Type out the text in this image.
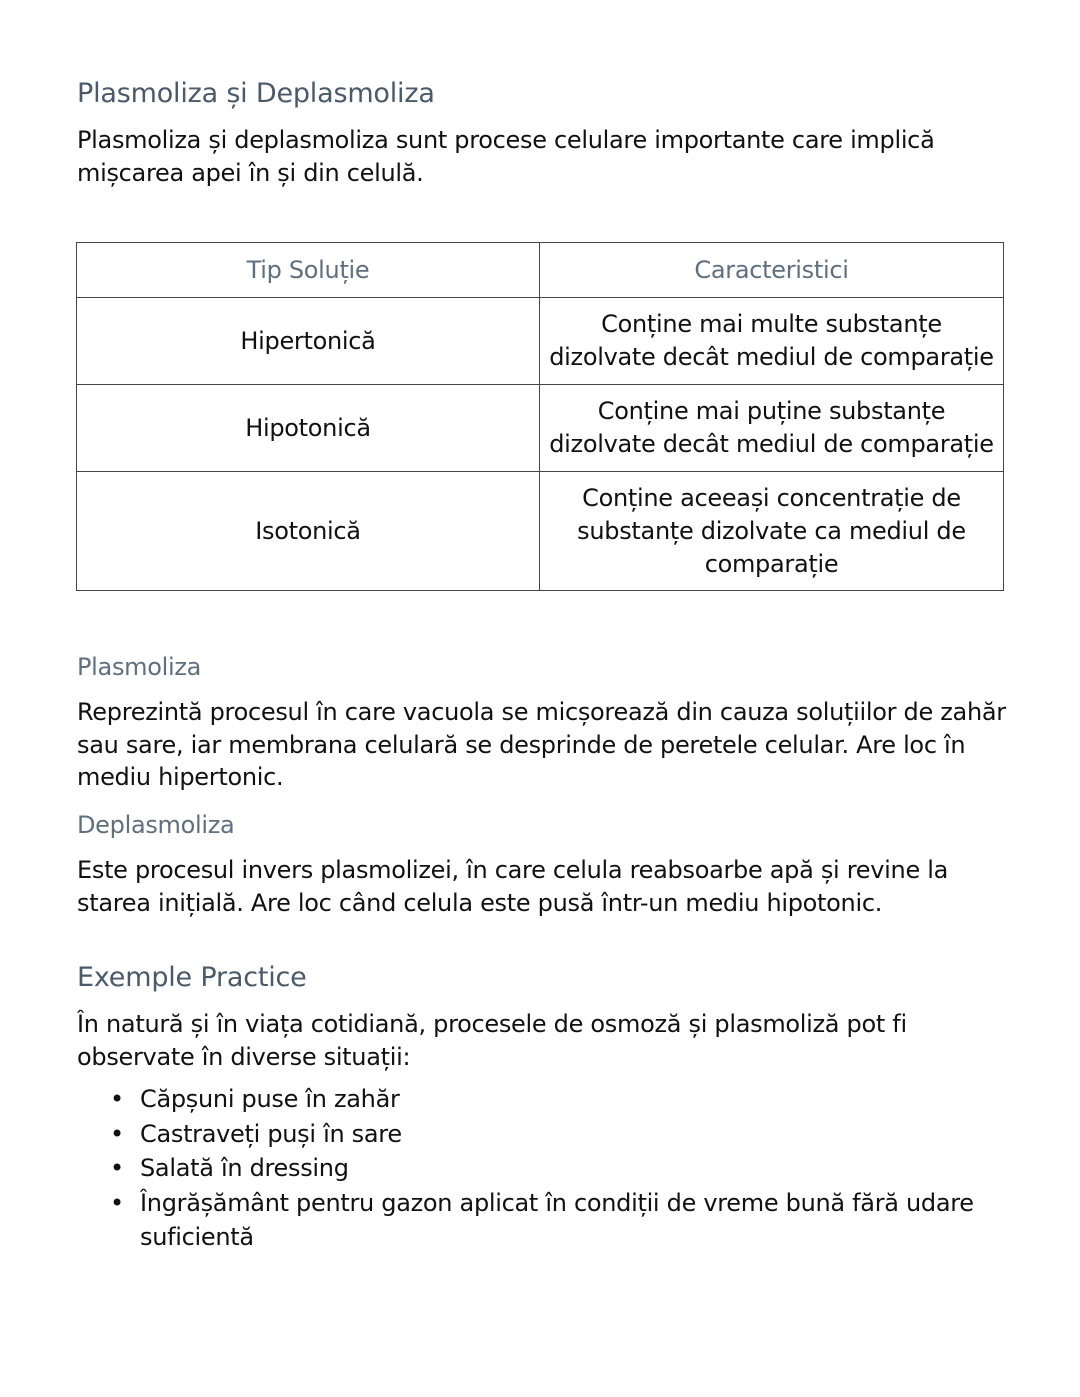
Plasmoliza și Deplasmoliza

Plasmoliza și deplasmoliza sunt procese celulare importante care implică mișcarea apei în și din celulă.

Tip Soluție	Caracteristici
Hipertonică	Conține mai multe substanțe dizolvate decât mediul de comparație
Hipotonică	Conține mai puține substanțe dizolvate decât mediul de comparație
Isotonică	Conține aceeași concentrație de substanțe dizolvate ca mediul de comparație
Plasmoliza

Reprezintă procesul în care vacuola se micșorează din cauza soluțiilor de zahăr sau sare, iar membrana celulară se desprinde de peretele celular. Are loc în mediu hipertonic.

Deplasmoliza

Este procesul invers plasmolizei, în care celula reabsoarbe apă și revine la starea inițială. Are loc când celula este pusă într-un mediu hipotonic.

Exemple Practice

În natură și în viața cotidiană, procesele de osmoză și plasmoliză pot fi observate în diverse situații:

• Căpșuni puse în zahăr
• Castraveți puși în sare
• Salată în dressing
• Îngrășământ pentru gazon aplicat în condiții de vreme bună fără udare suficientă
